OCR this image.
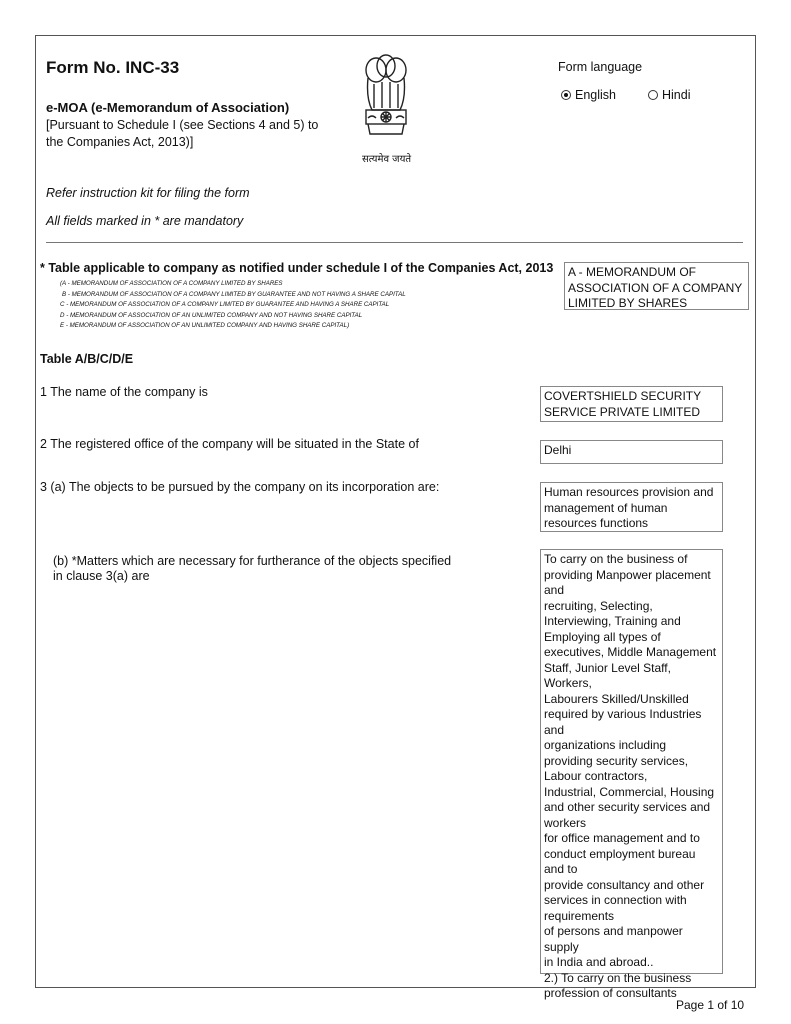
Form No. INC-33
e-MOA (e-Memorandum of Association)
[Pursuant to Schedule I (see Sections 4 and 5) to the Companies Act, 2013)]
सत्यमेव जयते
Form language
English	Hindi
Refer instruction kit for filing the form
All fields marked in * are mandatory
* Table applicable to company as notified under schedule I of the Companies Act, 2013
(A - MEMORANDUM OF ASSOCIATION OF A COMPANY LIMITED BY SHARES
B - MEMORANDUM OF ASSOCIATION OF A COMPANY LIMITED BY GUARANTEE AND NOT HAVING A SHARE CAPITAL
C - MEMORANDUM OF ASSOCIATION OF A COMPANY LIMITED BY GUARANTEE AND HAVING A SHARE CAPITAL
D - MEMORANDUM OF ASSOCIATION OF AN UNLIMITED COMPANY AND NOT HAVING SHARE CAPITAL
E - MEMORANDUM OF ASSOCIATION OF AN UNLIMITED COMPANY AND HAVING SHARE CAPITAL)
A - MEMORANDUM OF ASSOCIATION OF A COMPANY LIMITED BY SHARES
Table A/B/C/D/E
1 The name of the company is	COVERTSHIELD SECURITY SERVICE PRIVATE LIMITED
2 The registered office of the company will be situated in the State of	Delhi
3 (a) The objects to be pursued by the company on its incorporation are:	Human resources provision and management of human resources functions
(b) *Matters which are necessary for furtherance of the objects specified in clause 3(a) are
To carry on the business of
providing Manpower placement
and
recruiting, Selecting,
Interviewing, Training and
Employing all types of
executives, Middle Management
Staff, Junior Level Staff, Workers,
Labourers Skilled/Unskilled
required by various Industries
and
organizations including
providing security services,
Labour contractors,
Industrial, Commercial, Housing
and other security services and
workers
for office management and to
conduct employment bureau
and to
provide consultancy and other
services in connection with
requirements
of persons and manpower supply
in India and abroad..
2.) To carry on the business
profession of consultants
Page 1 of 10
